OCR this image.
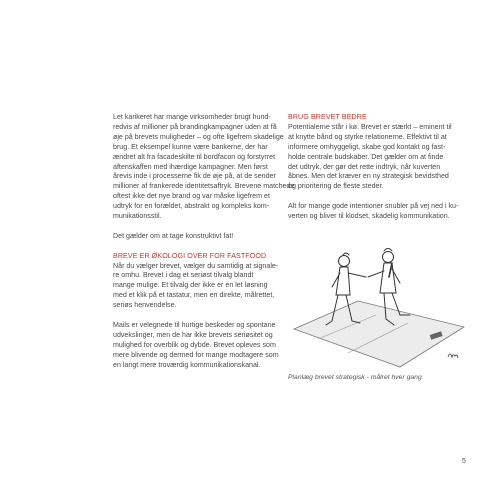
Let karikeret har mange virksomheder brugt hund-
redvis af millioner på brandingkampagner uden at få
øje på brevets muligheder – og ofte ligefrem skadelige
brug. Et eksempel kunne være bankerne, der har
ændret alt fra facadeskilte til bordfacon og forstyrret
aftenskaffen med ihærdige kampagner. Men først
årevis inde i processerne fik de øje på, at de sender
millioner af frankerede identitetsaftryk. Brevene matchede
oftest ikke det nye brand og var måske ligefrem et
udtryk for en forældet, abstrakt og kompleks kom-
munikationsstil.

Det gælder om at tage konstruktivt fat!

BREVE ER ØKOLOGI OVER FOR FASTFOOD
Når du vælger brevet, vælger du samtidig at signale-
re omhu. Brevet i dag et seriøst tilvalg blandt
mange mulige. Et tilvalg der ikke er en let løsning
med et klik på et tastatur, men en direkte, målrettet,
seriøs henvendelse.

Mails er velegnede til hurtige beskeder og spontane
udvekslinger, men de har ikke brevets seriøsitet og
mulighed for overblik og dybde. Brevet opleves som
mere blivende og dermed for mange modtagere som
en langt mere troværdig kommunikationskanal.

BRUG BREVET BEDRE
Potentialerne står i kø. Brevet er stærkt – eminent til
at knytte bånd og styrke relationerne. Effektivt til at
informere omhyggeligt, skabe god kontakt og fast-
holde centrale budskaber. Det gælder om at finde
det udtryk, der gør det rette indtryk, når kuverten
åbnes. Men det kræver en ny strategisk bevidsthed
og prioritering de fleste steder.

Alt for mange gode intentioner snubler på vej ned i ku-
verten og bliver til klodset, skadelig kommunikation.

Planlæg brevet strategisk - målret hver gang
5
